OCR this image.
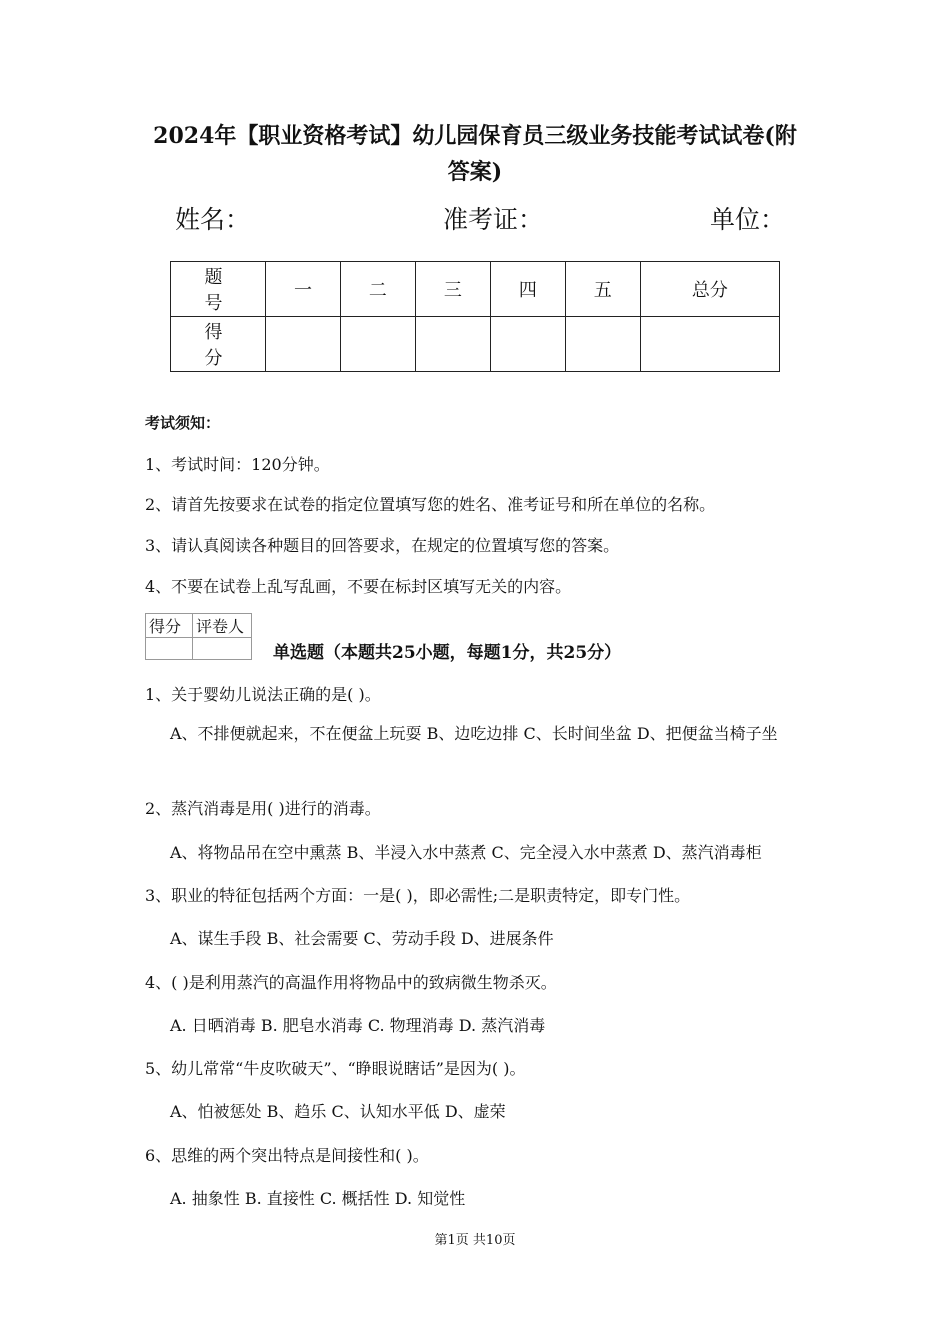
2024年【职业资格考试】幼儿园保育员三级业务技能考试试卷(附
答案)
姓名：	准考证：	单位：
题 号	一	二	三	四	五	总分
得 分						
考试须知：
1、考试时间：120分钟。
2、请首先按要求在试卷的指定位置填写您的姓名、准考证号和所在单位的名称。
3、请认真阅读各种题目的回答要求，在规定的位置填写您的答案。
4、不要在试卷上乱写乱画，不要在标封区填写无关的内容。
得分	评卷人

单选题（本题共25小题，每题1分，共25分）
1、关于婴幼儿说法正确的是( )。
A、不排便就起来，不在便盆上玩耍 B、边吃边排 C、长时间坐盆 D、把便盆当椅子坐
2、蒸汽消毒是用( )进行的消毒。
A、将物品吊在空中熏蒸 B、半浸入水中蒸煮 C、完全浸入水中蒸煮 D、蒸汽消毒柜
3、职业的特征包括两个方面：一是( )，即必需性;二是职责特定，即专门性。
A、谋生手段 B、社会需要 C、劳动手段 D、进展条件
4、( )是利用蒸汽的高温作用将物品中的致病微生物杀灭。
A. 日晒消毒 B. 肥皂水消毒 C. 物理消毒 D. 蒸汽消毒
5、幼儿常常“牛皮吹破天”、“睁眼说瞎话”是因为( )。
A、怕被惩处 B、趋乐 C、认知水平低 D、虚荣
6、思维的两个突出特点是间接性和( )。
A. 抽象性 B. 直接性 C. 概括性 D. 知觉性
第1页 共10页
